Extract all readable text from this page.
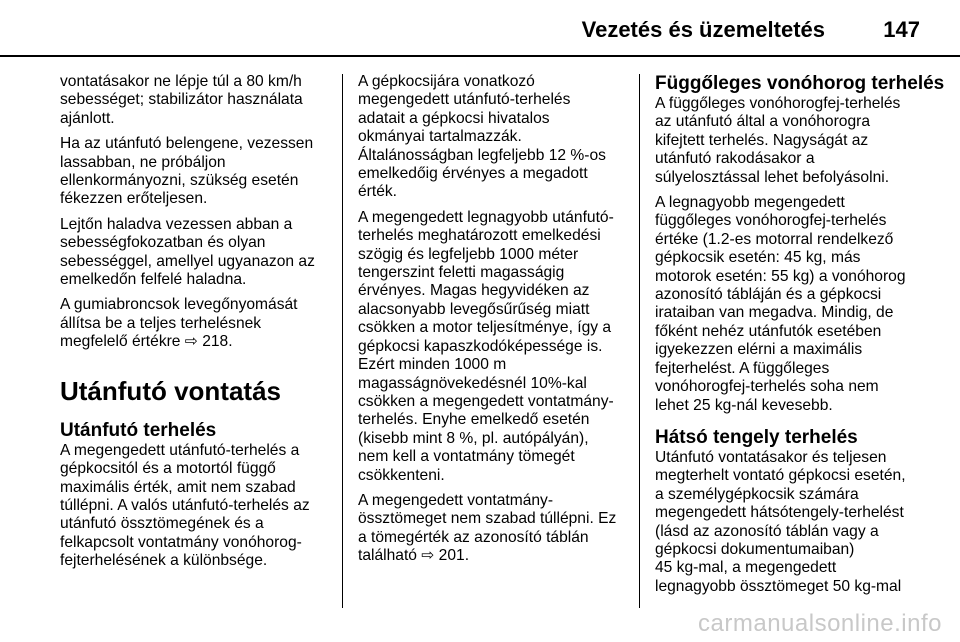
Vezetés és üzemeltetés	147

vontatásakor ne lépje túl a 80 km/h
sebességet; stabilizátor használata
ajánlott.

Ha az utánfutó belengene, vezessen
lassabban, ne próbáljon
ellenkormányozni, szükség esetén
fékezzen erőteljesen.

Lejtőn haladva vezessen abban a
sebességfokozatban és olyan
sebességgel, amellyel ugyanazon az
emelkedőn felfelé haladna.

A gumiabroncsok levegőnyomását
állítsa be a teljes terhelésnek
megfelelő értékre ⇨ 218.

Utánfutó vontatás
Utánfutó terhelés

A megengedett utánfutó-terhelés a
gépkocsitól és a motortól függő
maximális érték, amit nem szabad
túllépni. A valós utánfutó-terhelés az
utánfutó össztömegének és a
felkapcsolt vontatmány vonóhorog-
fejterhelésének a különbsége.

A gépkocsijára vonatkozó
megengedett utánfutó-terhelés
adatait a gépkocsi hivatalos
okmányai tartalmazzák.
Általánosságban legfeljebb 12 %-os
emelkedőig érvényes a megadott
érték.

A megengedett legnagyobb utánfutó-
terhelés meghatározott emelkedési
szögig és legfeljebb 1000 méter
tengerszint feletti magasságig
érvényes. Magas hegyvidéken az
alacsonyabb levegősűrűség miatt
csökken a motor teljesítménye, így a
gépkocsi kapaszkodóképessége is.
Ezért minden 1000 m
magasságnövekedésnél 10%-kal
csökken a megengedett vontatmány-
terhelés. Enyhe emelkedő esetén
(kisebb mint 8 %, pl. autópályán),
nem kell a vontatmány tömegét
csökkenteni.

A megengedett vontatmány-
össztömeget nem szabad túllépni. Ez
a tömegérték az azonosító táblán
található ⇨ 201.

Függőleges vonóhorog terhelés

A függőleges vonóhorogfej-terhelés
az utánfutó által a vonóhorogra
kifejtett terhelés. Nagyságát az
utánfutó rakodásakor a
súlyelosztással lehet befolyásolni.

A legnagyobb megengedett
függőleges vonóhorogfej-terhelés
értéke (1.2-es motorral rendelkező
gépkocsik esetén: 45 kg, más
motorok esetén: 55 kg) a vonóhorog
azonosító tábláján és a gépkocsi
irataiban van megadva. Mindig, de
főként nehéz utánfutók esetében
igyekezzen elérni a maximális
fejterhelést. A függőleges
vonóhorogfej-terhelés soha nem
lehet 25 kg-nál kevesebb.

Hátsó tengely terhelés

Utánfutó vontatásakor és teljesen
megterhelt vontató gépkocsi esetén,
a személygépkocsik számára
megengedett hátsótengely-terhelést
(lásd az azonosító táblán vagy a
gépkocsi dokumentumaiban)
45 kg-mal, a megengedett
legnagyobb össztömeget 50 kg-mal

carmanualsonline.info
